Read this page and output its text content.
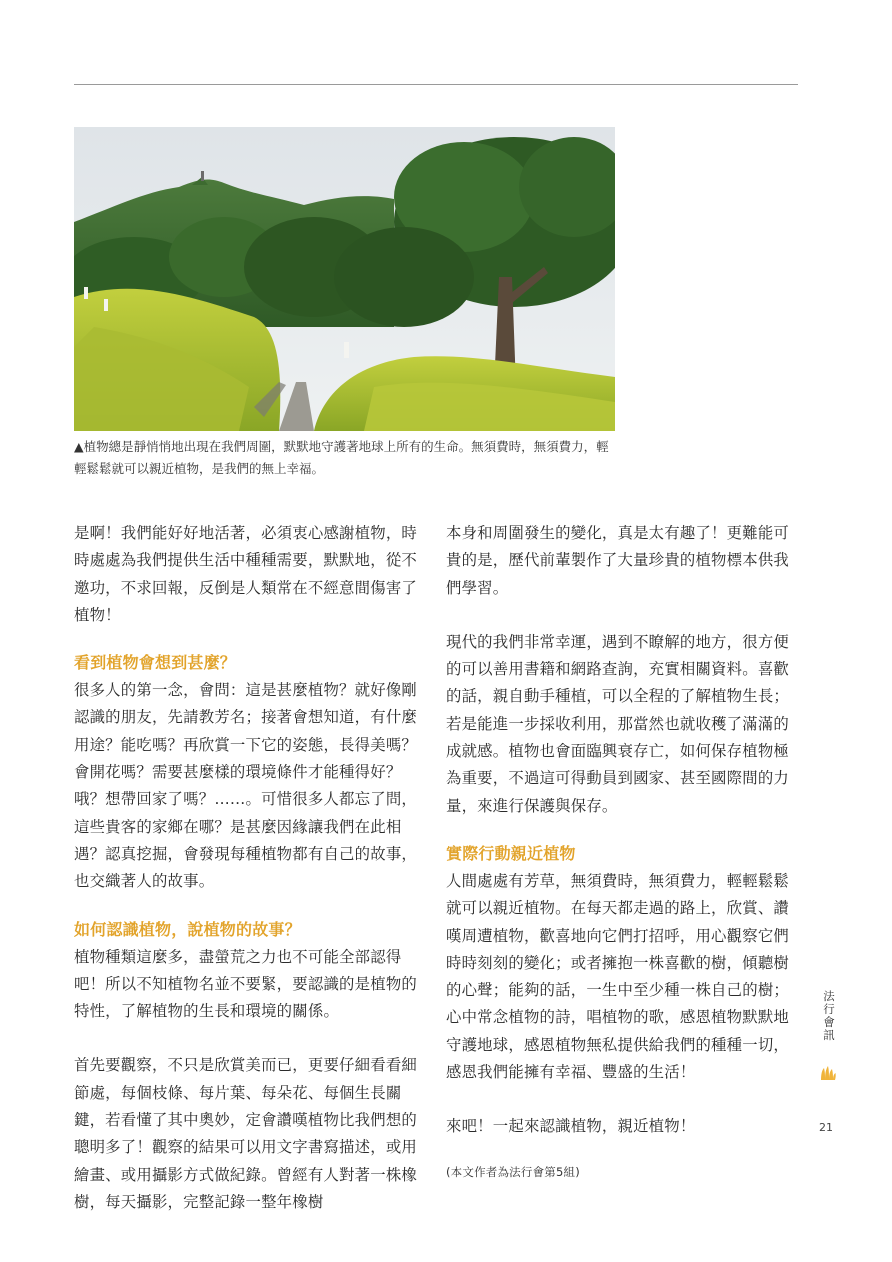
▲植物總是靜悄悄地出現在我們周圍，默默地守護著地球上所有的生命。無須費時，無須費力，輕輕鬆鬆就可以親近植物，是我們的無上幸福。

是啊！我們能好好地活著，必須衷心感謝植物，時時處處為我們提供生活中種種需要，默默地，從不邀功，不求回報，反倒是人類常在不經意間傷害了植物！

看到植物會想到甚麼？

很多人的第一念，會問：這是甚麼植物？就好像剛認識的朋友，先請教芳名；接著會想知道，有什麼用途？能吃嗎？再欣賞一下它的姿態，長得美嗎？會開花嗎？需要甚麼樣的環境條件才能種得好？哦？想帶回家了嗎？……。可惜很多人都忘了問，這些貴客的家鄉在哪？是甚麼因緣讓我們在此相遇？認真挖掘，會發現每種植物都有自己的故事，也交織著人的故事。

如何認識植物，說植物的故事？

植物種類這麼多，盡螢荒之力也不可能全部認得吧！所以不知植物名並不要緊，要認識的是植物的特性，了解植物的生長和環境的關係。

首先要觀察，不只是欣賞美而已，更要仔細看看細節處，每個枝條、每片葉、每朵花、每個生長關鍵，若看懂了其中奧妙，定會讚嘆植物比我們想的聰明多了！觀察的結果可以用文字書寫描述，或用繪畫、或用攝影方式做紀錄。曾經有人對著一株橡樹，每天攝影，完整記錄一整年橡樹

本身和周圍發生的變化，真是太有趣了！更難能可貴的是，歷代前輩製作了大量珍貴的植物標本供我們學習。

現代的我們非常幸運，遇到不瞭解的地方，很方便的可以善用書籍和網路查詢，充實相關資料。喜歡的話，親自動手種植，可以全程的了解植物生長；若是能進一步採收利用，那當然也就收穫了滿滿的成就感。植物也會面臨興衰存亡，如何保存植物極為重要，不過這可得動員到國家、甚至國際間的力量，來進行保護與保存。

實際行動親近植物

人間處處有芳草，無須費時，無須費力，輕輕鬆鬆就可以親近植物。在每天都走過的路上，欣賞、讚嘆周遭植物，歡喜地向它們打招呼，用心觀察它們時時刻刻的變化；或者擁抱一株喜歡的樹，傾聽樹的心聲；能夠的話，一生中至少種一株自己的樹；心中常念植物的詩，唱植物的歌，感恩植物默默地守護地球，感恩植物無私提供給我們的種種一切，感恩我們能擁有幸福、豐盛的生活！

來吧！一起來認識植物，親近植物！

(本文作者為法行會第5組)

法
行
會
訊
21
